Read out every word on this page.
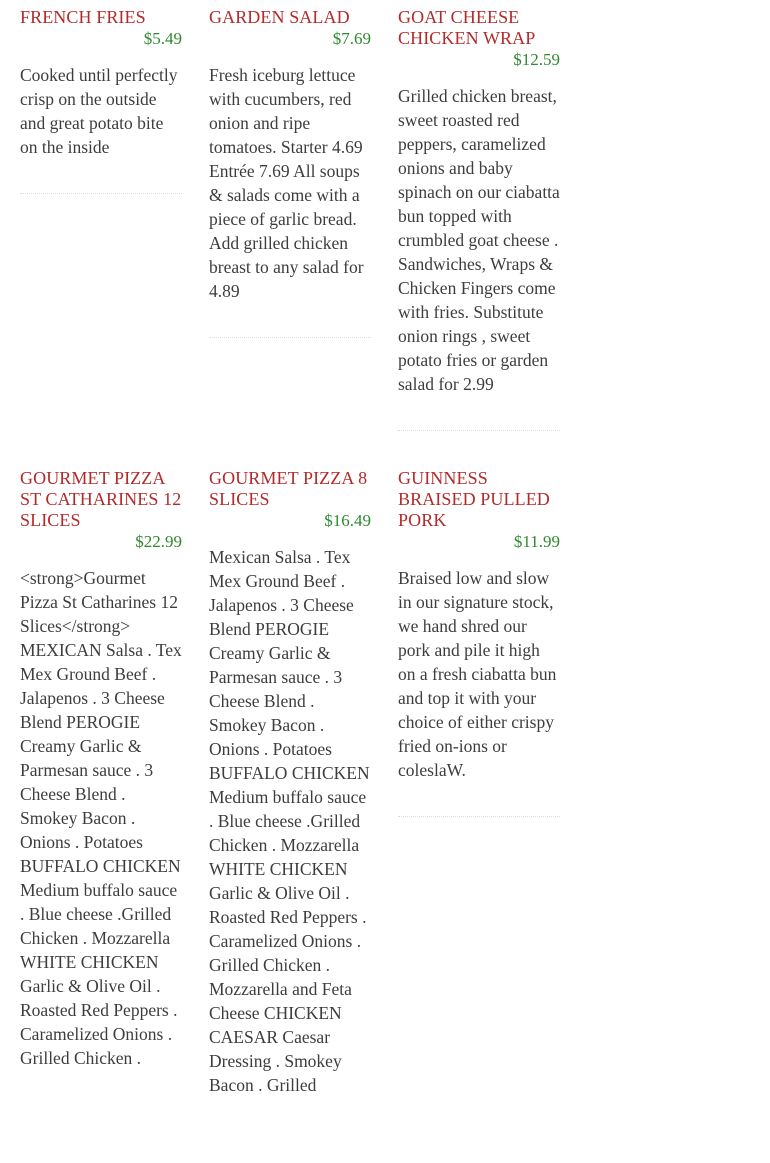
FRENCH FRIES
$5.49
Cooked until perfectly crisp on the outside and great potato bite on the inside
GARDEN SALAD
$7.69
Fresh iceburg lettuce with cucumbers, red onion and ripe tomatoes. Starter 4.69 Entrée 7.69 All soups & salads come with a piece of garlic bread. Add grilled chicken breast to any salad for 4.89
GOAT CHEESE CHICKEN WRAP
$12.59
Grilled chicken breast, sweet roasted red peppers, caramelized onions and baby spinach on our ciabatta bun topped with crumbled goat cheese . Sandwiches, Wraps & Chicken Fingers come with fries. Substitute onion rings , sweet potato fries or garden salad for 2.99
GOURMET PIZZA ST CATHARINES 12 SLICES
$22.99
<strong>Gourmet Pizza St Catharines 12 Slices</strong> MEXICAN Salsa . Tex Mex Ground Beef . Jalapenos . 3 Cheese Blend PEROGIE Creamy Garlic & Parmesan sauce . 3 Cheese Blend . Smokey Bacon . Onions . Potatoes BUFFALO CHICKEN Medium buffalo sauce . Blue cheese .Grilled Chicken . Mozzarella WHITE CHICKEN Garlic & Olive Oil . Roasted Red Peppers . Caramelized Onions . Grilled Chicken .
GOURMET PIZZA 8 SLICES
$16.49
Mexican Salsa . Tex Mex Ground Beef . Jalapenos . 3 Cheese Blend PEROGIE Creamy Garlic & Parmesan sauce . 3 Cheese Blend . Smokey Bacon . Onions . Potatoes BUFFALO CHICKEN Medium buffalo sauce . Blue cheese .Grilled Chicken . Mozzarella WHITE CHICKEN Garlic & Olive Oil . Roasted Red Peppers . Caramelized Onions . Grilled Chicken . Mozzarella and Feta Cheese CHICKEN CAESAR Caesar Dressing . Smokey Bacon . Grilled
GUINNESS BRAISED PULLED PORK
$11.99
Braised low and slow in our signature stock, we hand shred our pork and pile it high on a fresh ciabatta bun and top it with your choice of either crispy fried on-ions or coleslaW.
